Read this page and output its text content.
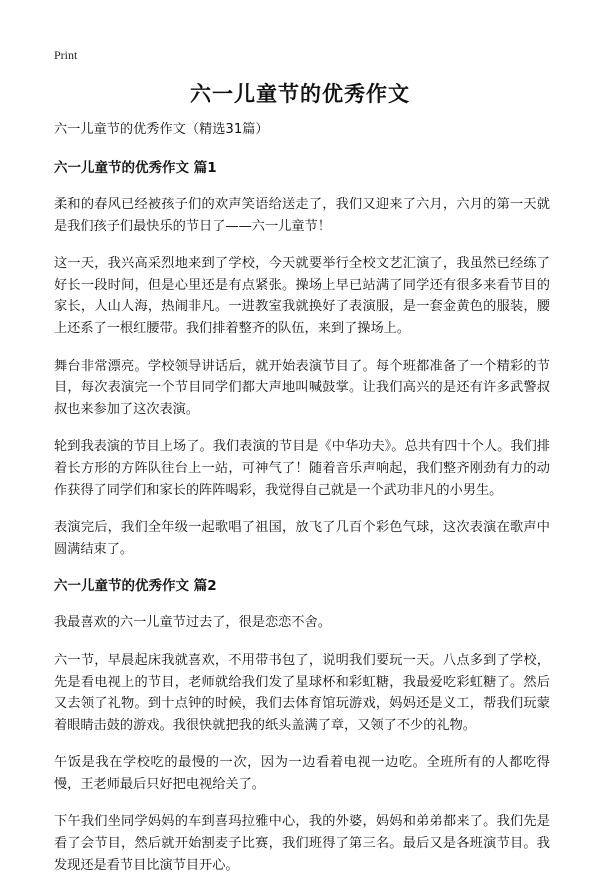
Print
六一儿童节的优秀作文

六一儿童节的优秀作文（精选31篇）

六一儿童节的优秀作文 篇1

柔和的春风已经被孩子们的欢声笑语给送走了，我们又迎来了六月，六月的第一天就是我们孩子们最快乐的节日了——六一儿童节！

这一天，我兴高采烈地来到了学校，今天就要举行全校文艺汇演了，我虽然已经练了好长一段时间，但是心里还是有点紧张。操场上早已站满了同学还有很多来看节目的家长，人山人海，热闹非凡。一进教室我就换好了表演服，是一套金黄色的服装，腰上还系了一根红腰带。我们排着整齐的队伍，来到了操场上。

舞台非常漂亮。学校领导讲话后，就开始表演节目了。每个班都准备了一个精彩的节目，每次表演完一个节目同学们都大声地叫喊鼓掌。让我们高兴的是还有许多武警叔叔也来参加了这次表演。

轮到我表演的节目上场了。我们表演的节目是《中华功夫》。总共有四十个人。我们排着长方形的方阵队往台上一站，可神气了！随着音乐声响起，我们整齐刚劲有力的动作获得了同学们和家长的阵阵喝彩，我觉得自己就是一个武功非凡的小男生。

表演完后，我们全年级一起歌唱了祖国，放飞了几百个彩色气球，这次表演在歌声中圆满结束了。

六一儿童节的优秀作文 篇2

我最喜欢的六一儿童节过去了，很是恋恋不舍。

六一节，早晨起床我就喜欢，不用带书包了，说明我们要玩一天。八点多到了学校，先是看电视上的节目，老师就给我们发了星球杯和彩虹糖，我最爱吃彩虹糖了。然后又去领了礼物。到十点钟的时候，我们去体育馆玩游戏，妈妈还是义工，帮我们玩蒙着眼睛击鼓的游戏。我很快就把我的纸头盖满了章，又领了不少的礼物。

午饭是我在学校吃的最慢的一次，因为一边看着电视一边吃。全班所有的人都吃得慢，王老师最后只好把电视给关了。

下午我们坐同学妈妈的车到喜玛拉雅中心，我的外婆，妈妈和弟弟都来了。我们先是看了会节目，然后就开始割麦子比赛，我们班得了第三名。最后又是各班演节目。我发现还是看节目比演节目开心。
